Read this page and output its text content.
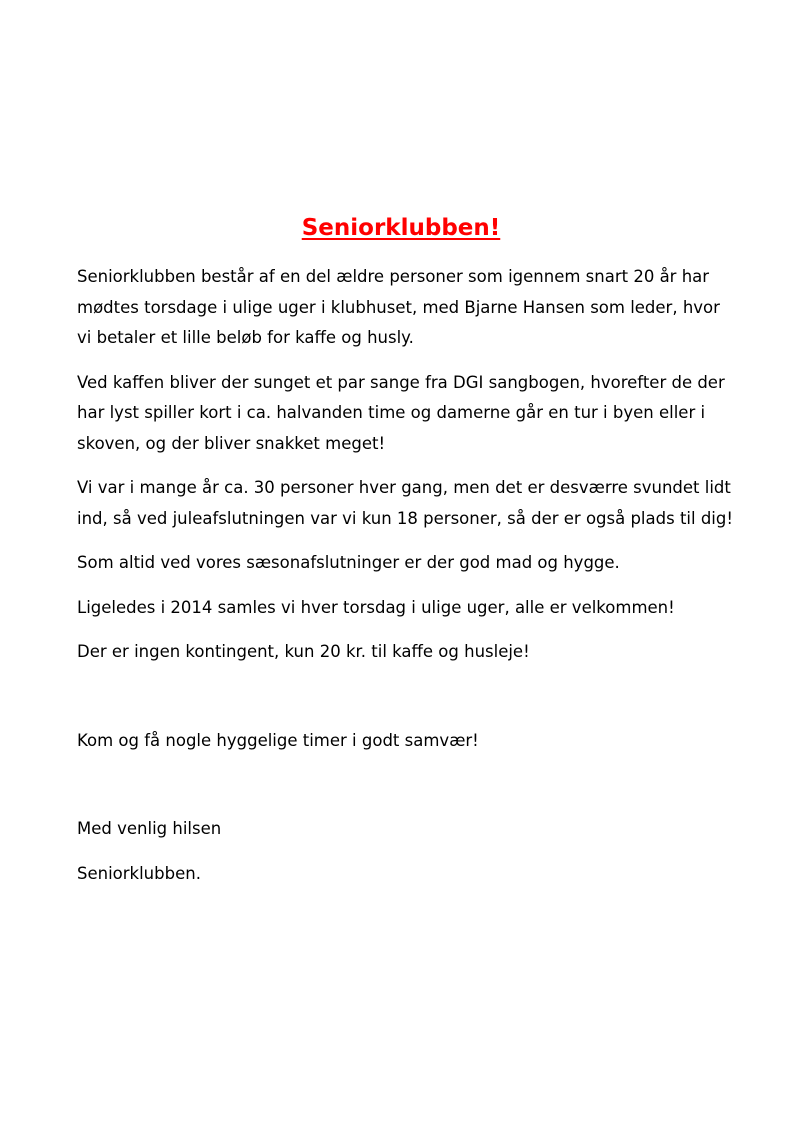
Seniorklubben!

Seniorklubben består af en del ældre personer som igennem snart 20 år har mødtes torsdage i ulige uger i klubhuset, med Bjarne Hansen som leder, hvor vi betaler et lille beløb for kaffe og husly.

Ved kaffen bliver der sunget et par sange fra DGI sangbogen, hvorefter de der har lyst spiller kort i ca. halvanden time og damerne går en tur i byen eller i skoven, og der bliver snakket meget!

Vi var i mange år ca. 30 personer hver gang, men det er desværre svundet lidt ind, så ved juleafslutningen var vi kun 18 personer, så der er også plads til dig!

Som altid ved vores sæsonafslutninger er der god mad og hygge.

Ligeledes i 2014 samles vi hver torsdag i ulige uger, alle er velkommen!

Der er ingen kontingent, kun 20 kr. til kaffe og husleje!

Kom og få nogle hyggelige timer i godt samvær!

Med venlig hilsen

Seniorklubben.
